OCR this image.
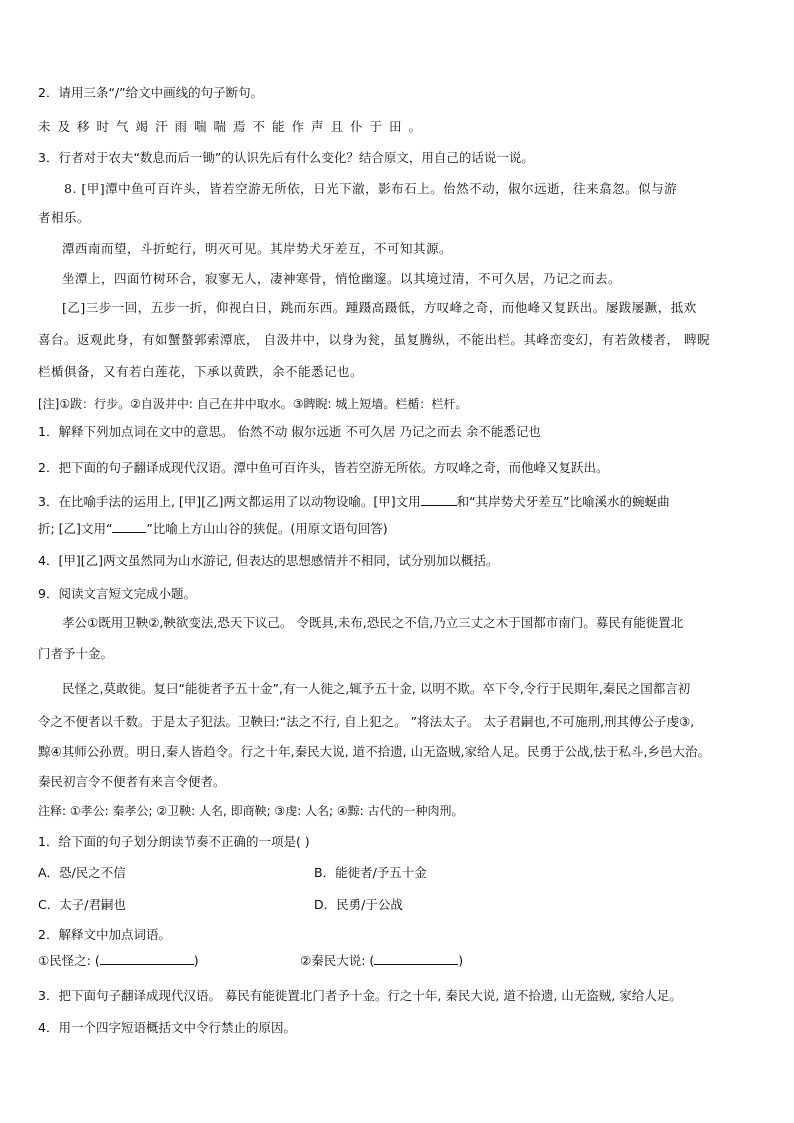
2．请用三条“/”给文中画线的句子断句。
未及移时气竭汗雨喘喘焉不能作声且仆于田。
3．行者对于农夫“数息而后一锄”的认识先后有什么变化？结合原文，用自己的话说一说。
8. [甲]潭中鱼可百许头，皆若空游无所依，日光下澈，影布石上。佁然不动，俶尔远逝，往来翕忽。似与游
者相乐。
潭西南而望，斗折蛇行，明灭可见。其岸势犬牙差互，不可知其源。
坐潭上，四面竹树环合，寂寥无人，凄神寒骨，悄怆幽邃。以其境过清，不可久居，乃记之而去。
[乙]三步一回，五步一折，仰视白日，跳而东西。踵蹑高蹑低，方叹峰之奇，而他峰又复跃出。屡跋屡蹶，抵欢
喜台。返观此身，有如蟹螯郭索潭底， 自汲井中，以身为瓮，虽复腾纵，不能出栏。其峰峦变幻，有若敛楼者， 睥睨
栏楯俱备，又有若白莲花，下承以黄跌，余不能悉记也。
[注]①跋：行步。②自汲井中: 自己在井中取水。③睥睨: 城上短墙。栏楯：栏杆。
1．解释下列加点词在文中的意思。 佁然不动 俶尔远逝 不可久居 乃记之而去 余不能悉记也
2．把下面的句子翻译成现代汉语。潭中鱼可百许头，皆若空游无所依。方叹峰之奇，而他峰又复跃出。
3．在比喻手法的运用上, [甲][乙]两文都运用了以动物设喻。[甲]文用	和“其岸势犬牙差互”比喻溪水的蜿蜒曲
折; [乙]文用“	”比喻上方山山谷的狭促。(用原文语句回答)
4．[甲][乙]两文虽然同为山水游记, 但表达的思想感情并不相同，试分别加以概括。
9．阅读文言短文完成小题。
孝公①既用卫鞅②,鞅欲变法,恐天下议己。 令既具,未布,恐民之不信,乃立三丈之木于国都市南门。募民有能徙置北
门者予十金。
民怪之,莫敢徙。复曰“能徙者予五十金”,有一人徙之,辄予五十金, 以明不欺。卒下令,令行于民期年,秦民之国都言初
令之不便者以千数。于是太子犯法。卫鞅曰:“法之不行, 自上犯之。 ”将法太子。 太子君嗣也,不可施刑,刑其傅公子虔③,
黥④其师公孙贾。明日,秦人皆趋令。行之十年,秦民大说, 道不拾遗, 山无盗贼,家给人足。民勇于公战,怯于私斗,乡邑大治。
秦民初言令不便者有来言令便者。
注释: ①孝公: 秦孝公; ②卫鞅: 人名, 即商鞅; ③虔: 人名; ④黥: 古代的一种肉刑。
1．给下面的句子划分朗读节奏不正确的一项是( )
A．恐/民之不信	B．能徙者/予五十金
C．太子/君嗣也	D．民勇/于公战
2．解释文中加点词语。
①民怪之: (	)	②秦民大说: (	)
3．把下面句子翻译成现代汉语。 募民有能徙置北门者予十金。行之十年, 秦民大说, 道不拾遗, 山无盗贼, 家给人足。
4．用一个四字短语概括文中令行禁止的原因。
